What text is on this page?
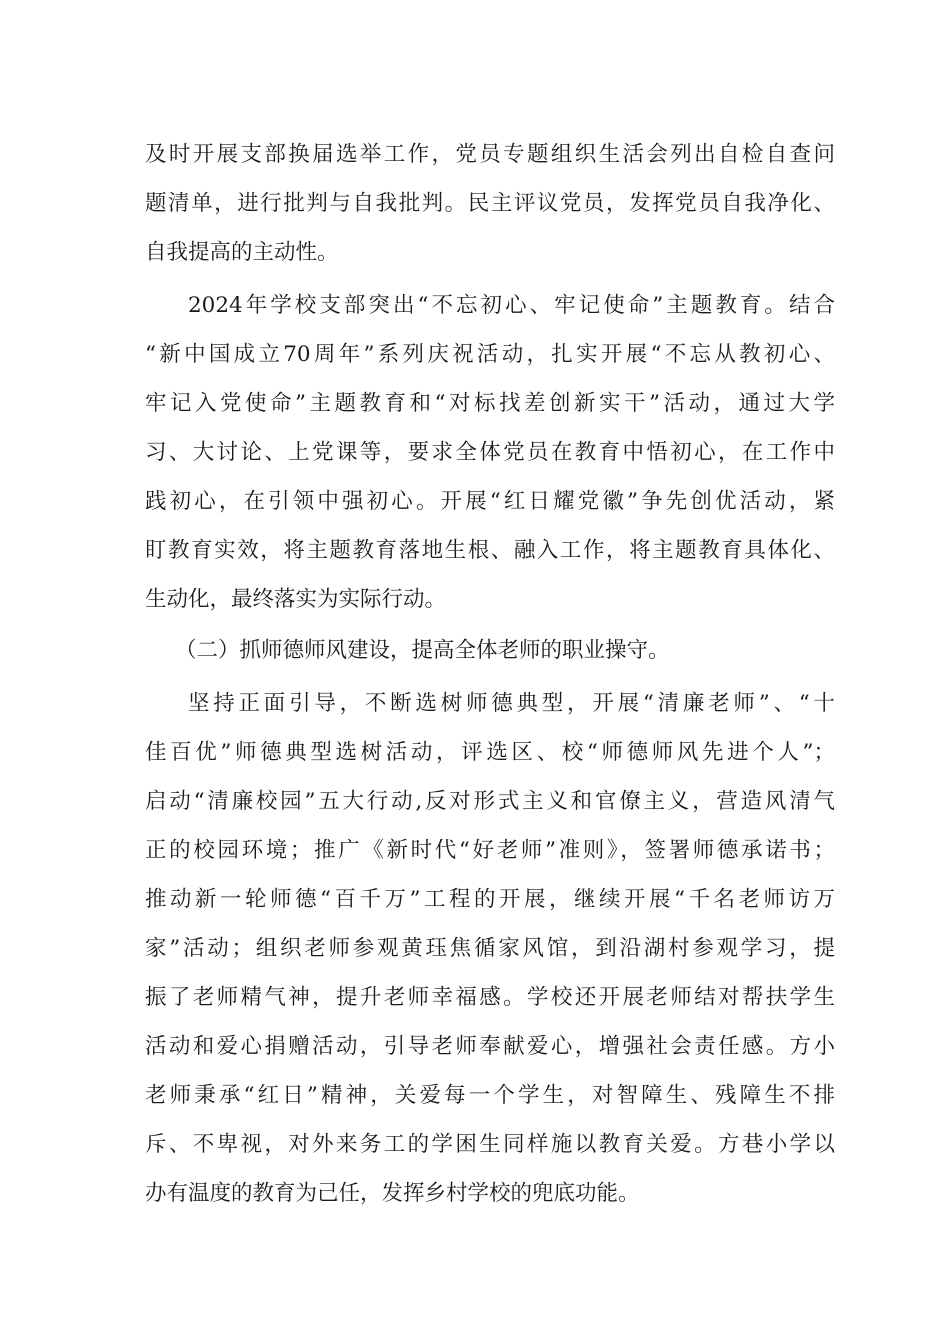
及时开展支部换届选举工作，党员专题组织生活会列出自检自查问
题清单，进行批判与自我批判。民主评议党员，发挥党员自我净化、
自我提高的主动性。
2024年学校支部突出“不忘初心、牢记使命”主题教育。结合
“新中国成立70周年”系列庆祝活动，扎实开展“不忘从教初心、
牢记入党使命”主题教育和“对标找差创新实干”活动，通过大学
习、大讨论、上党课等，要求全体党员在教育中悟初心，在工作中
践初心，在引领中强初心。开展“红日耀党徽”争先创优活动，紧
盯教育实效，将主题教育落地生根、融入工作，将主题教育具体化、
生动化，最终落实为实际行动。
（二）抓师德师风建设，提高全体老师的职业操守。
坚持正面引导，不断选树师德典型，开展“清廉老师”、“十
佳百优”师德典型选树活动，评选区、校“师德师风先进个人”；
启动“清廉校园”五大行动,反对形式主义和官僚主义，营造风清气
正的校园环境；推广《新时代“好老师”准则》，签署师德承诺书；
推动新一轮师德“百千万”工程的开展，继续开展“千名老师访万
家”活动；组织老师参观黄珏焦循家风馆，到沿湖村参观学习，提
振了老师精气神，提升老师幸福感。学校还开展老师结对帮扶学生
活动和爱心捐赠活动，引导老师奉献爱心，增强社会责任感。方小
老师秉承“红日”精神，关爱每一个学生，对智障生、残障生不排
斥、不卑视，对外来务工的学困生同样施以教育关爱。方巷小学以
办有温度的教育为己任，发挥乡村学校的兜底功能。
